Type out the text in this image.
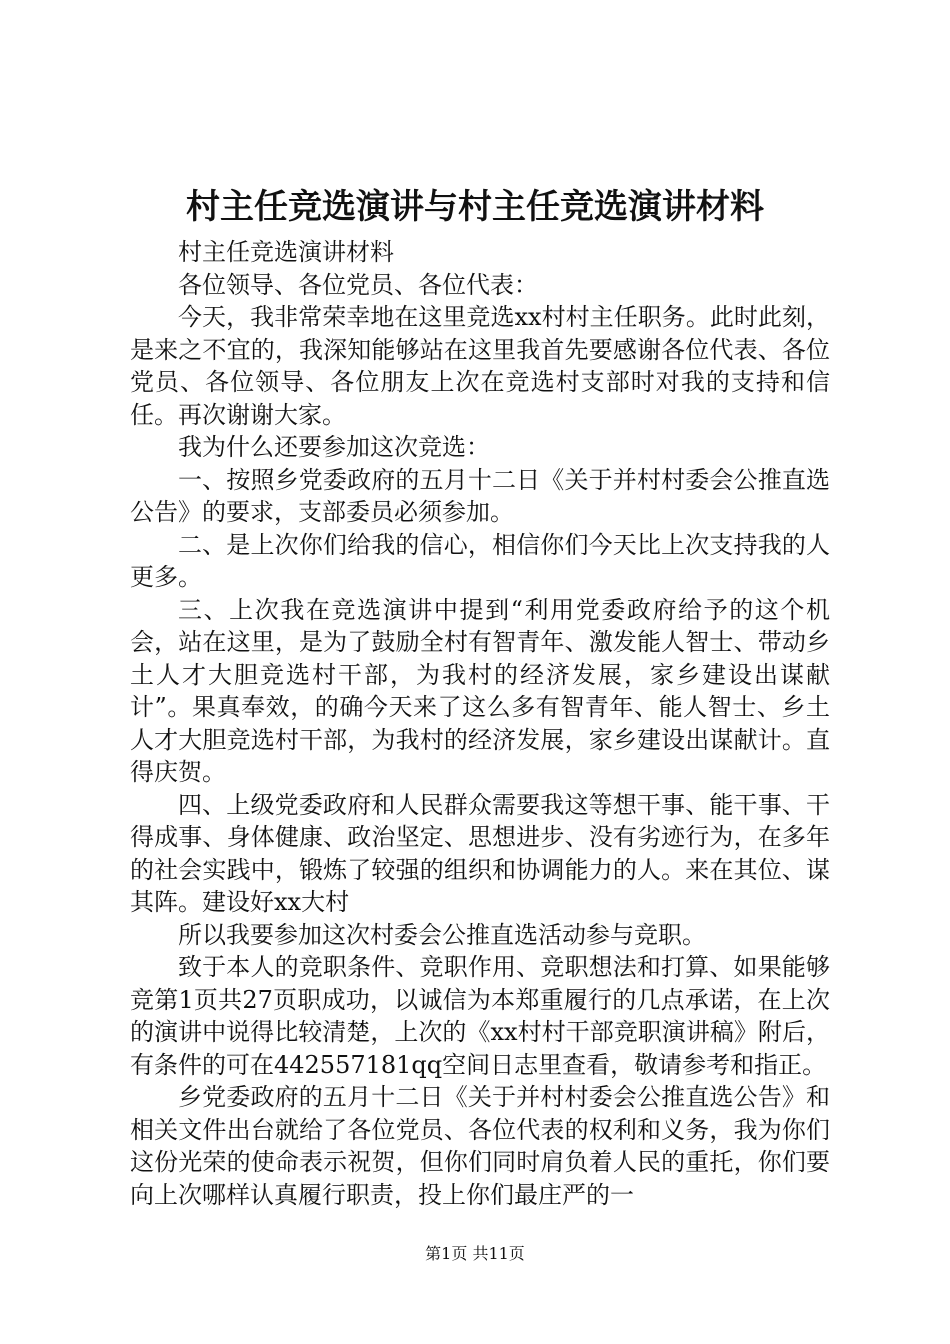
村主任竞选演讲与村主任竞选演讲材料

村主任竞选演讲材料

各位领导、各位党员、各位代表：

今天，我非常荣幸地在这里竞选xx村村主任职务。此时此刻，是来之不宜的，我深知能够站在这里我首先要感谢各位代表、各位党员、各位领导、各位朋友上次在竞选村支部时对我的支持和信任。再次谢谢大家。

我为什么还要参加这次竞选：

一、按照乡党委政府的五月十二日《关于并村村委会公推直选公告》的要求，支部委员必须参加。

二、是上次你们给我的信心，相信你们今天比上次支持我的人更多。

三、上次我在竞选演讲中提到“利用党委政府给予的这个机会，站在这里，是为了鼓励全村有智青年、激发能人智士、带动乡土人才大胆竞选村干部，为我村的经济发展，家乡建设出谋献计”。果真奉效，的确今天来了这么多有智青年、能人智士、乡土人才大胆竞选村干部，为我村的经济发展，家乡建设出谋献计。直得庆贺。

四、上级党委政府和人民群众需要我这等想干事、能干事、干得成事、身体健康、政治坚定、思想进步、没有劣迹行为，在多年的社会实践中，锻炼了较强的组织和协调能力的人。来在其位、谋其阵。建设好xx大村

所以我要参加这次村委会公推直选活动参与竞职。

致于本人的竞职条件、竞职作用、竞职想法和打算、如果能够竞第1页共27页职成功，以诚信为本郑重履行的几点承诺，在上次的演讲中说得比较清楚，上次的《xx村村干部竞职演讲稿》附后，有条件的可在442557181qq空间日志里查看，敬请参考和指正。

乡党委政府的五月十二日《关于并村村委会公推直选公告》和相关文件出台就给了各位党员、各位代表的权利和义务，我为你们这份光荣的使命表示祝贺，但你们同时肩负着人民的重托，你们要向上次哪样认真履行职责，投上你们最庄严的一

第1页 共11页
